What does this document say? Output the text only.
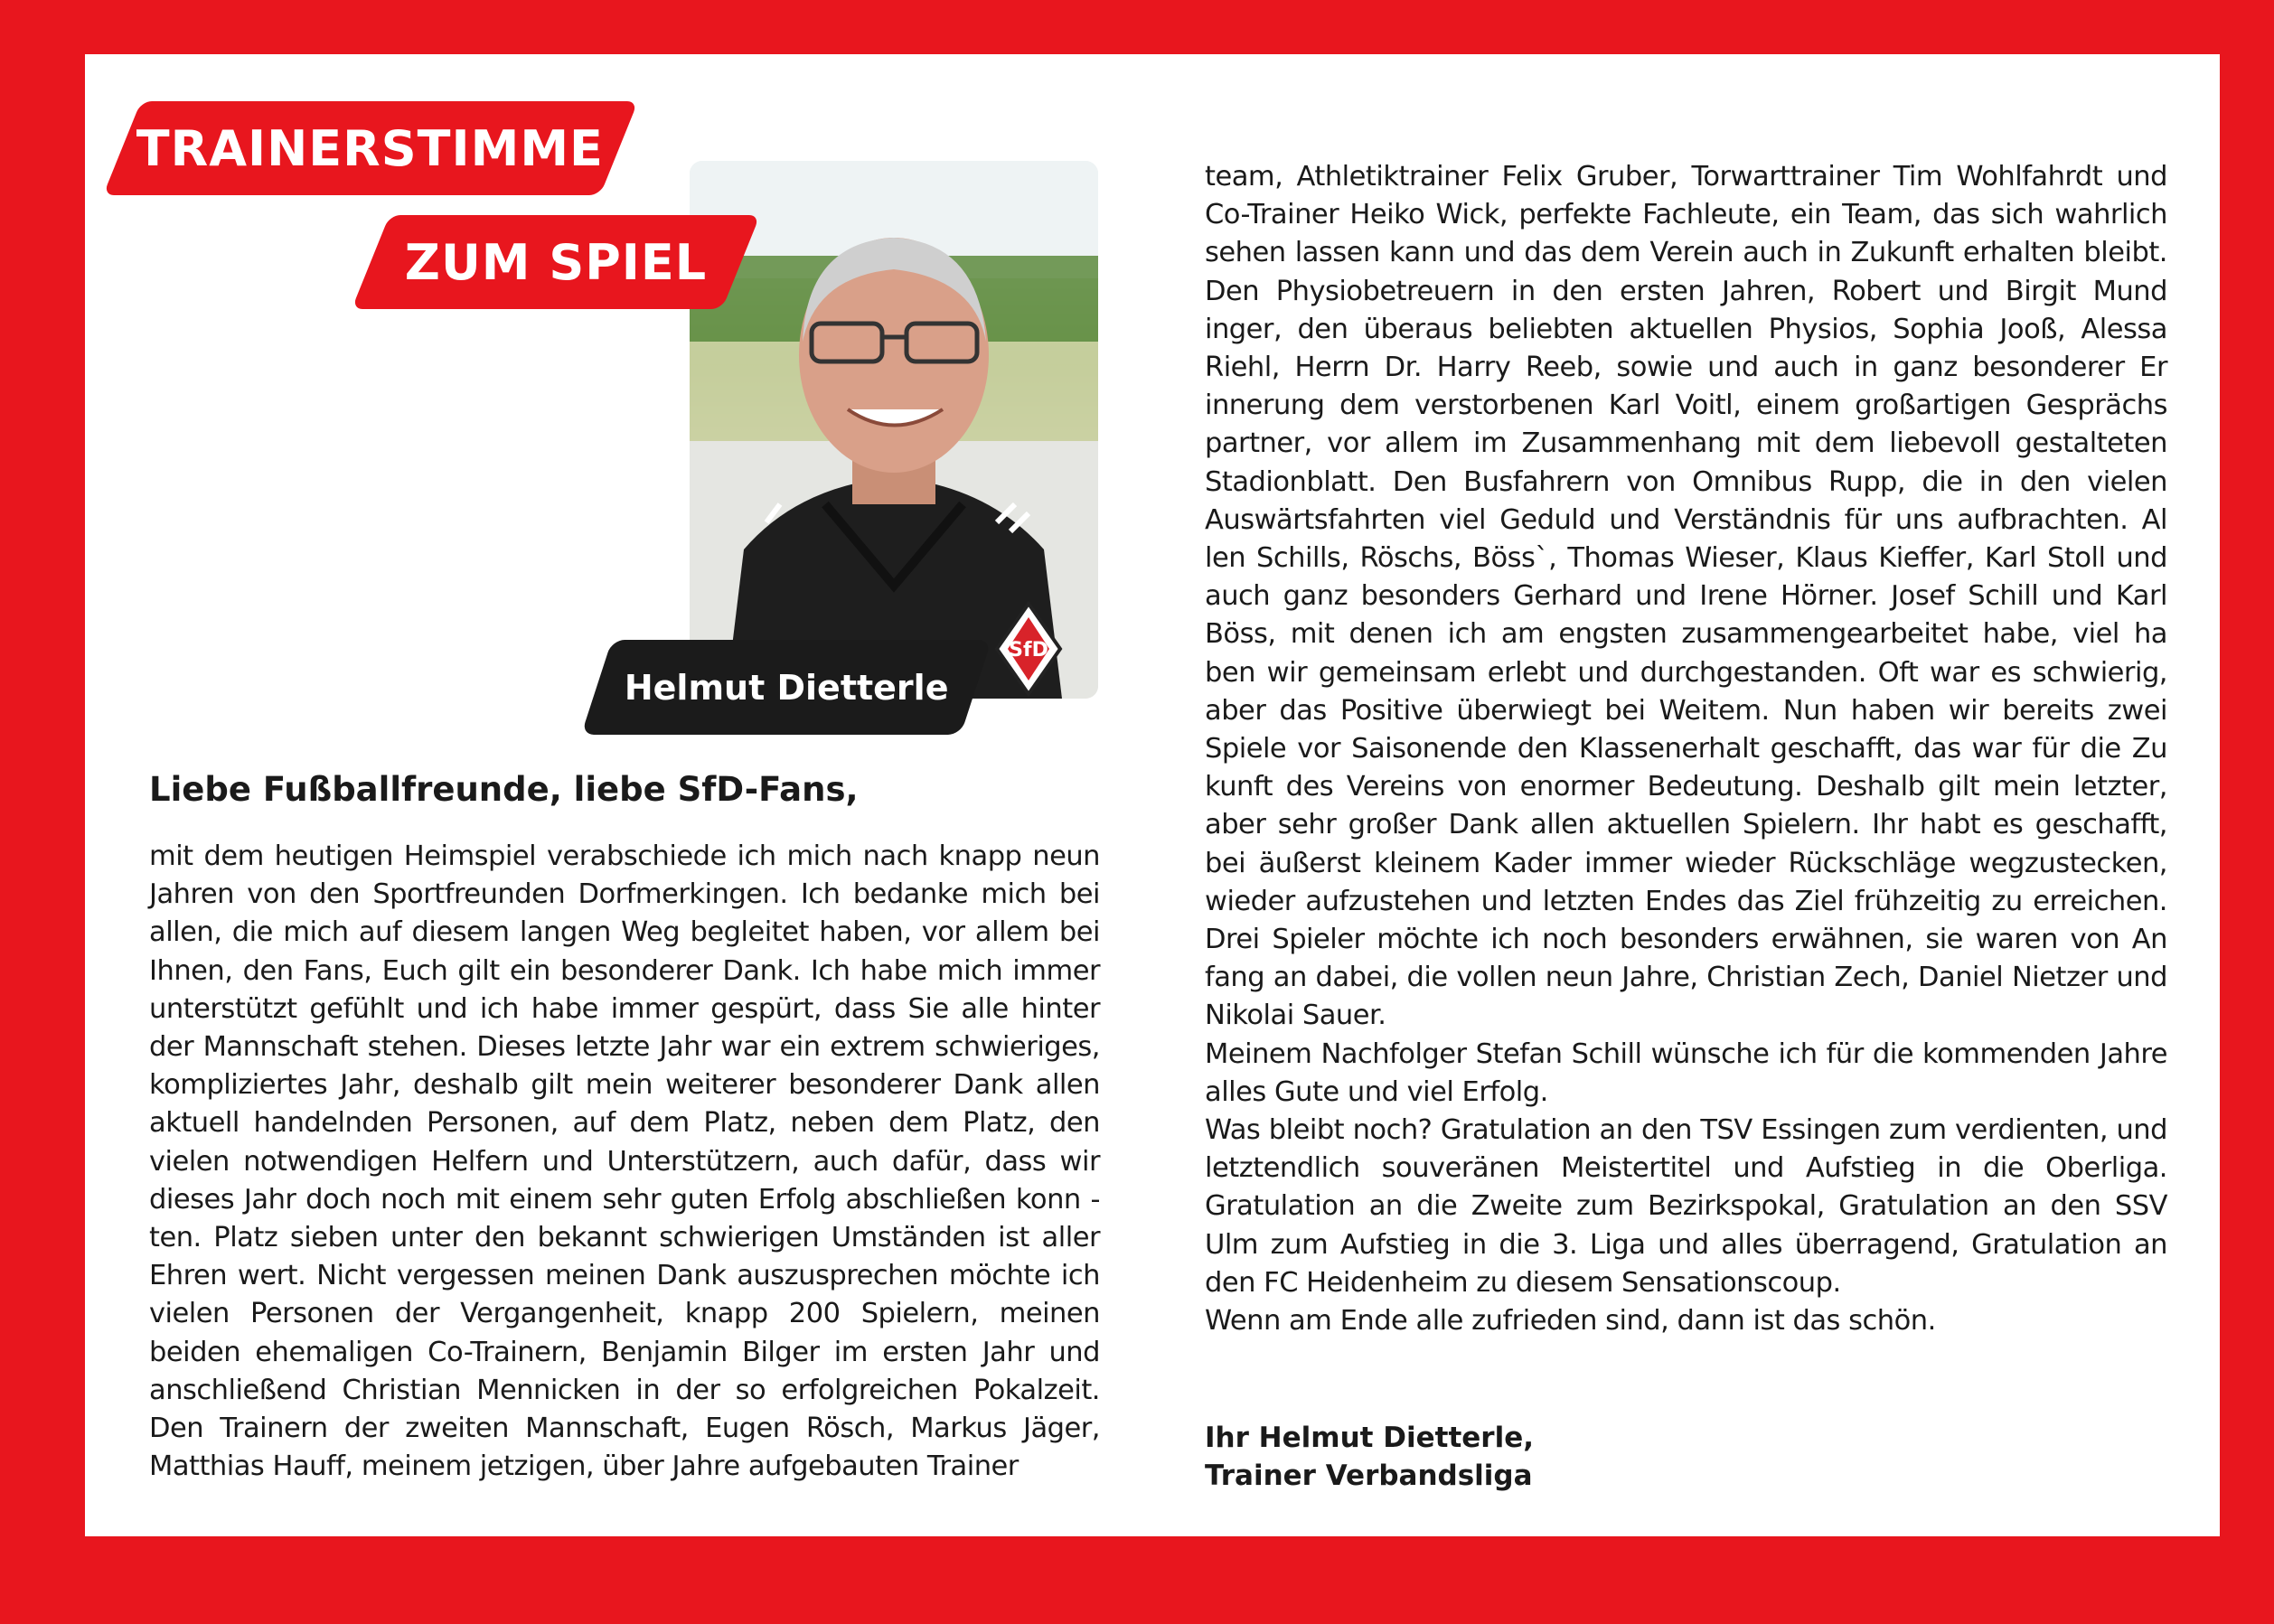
TRAINERSTIMME
SfD
ZUM SPIEL
Helmut Dietterle
Liebe Fußballfreunde, liebe SfD-Fans,

mit dem heutigen Heimspiel verabschiede ich mich nach knapp neun Jahren von den Sportfreunden Dorfmerkingen. Ich bedanke mich bei allen, die mich auf diesem langen Weg begleitet haben, vor allem bei Ihnen, den Fans, Euch gilt ein besonderer Dank. Ich habe mich immer unterstützt gefühlt und ich habe immer gespürt, dass Sie alle hinter der Mannschaft stehen. Dieses letzte Jahr war ein extrem schwieriges, kompliziertes Jahr, deshalb gilt mein weiterer besonderer Dank allen aktuell handelnden Personen, auf dem Platz, neben dem Platz, den vielen notwendigen Helfern und Unterstützern, auch dafür, dass wir dieses Jahr doch noch mit einem sehr guten Erfolg abschließen konn - ten. Platz sieben unter den bekannt schwierigen Umständen ist aller Ehren wert. Nicht vergessen meinen Dank auszusprechen möchte ich vielen Personen der Vergangenheit, knapp 200 Spielern, meinen beiden ehemaligen Co-Trainern, Benjamin Bilger im ersten Jahr und anschließend Christian Mennicken in der so erfolgreichen Pokalzeit. Den Trainern der zweiten Mannschaft, Eugen Rösch, Markus Jäger, Matthias Hauff, meinem jetzigen, über Jahre aufgebauten Trainer

team, Athletiktrainer Felix Gruber, Torwarttrainer Tim Wohlfahrdt und Co-Trainer Heiko Wick, perfekte Fachleute, ein Team, das sich wahrlich sehen lassen kann und das dem Verein auch in Zukunft erhalten bleibt. Den Physiobetreuern in den ersten Jahren, Robert und Birgit Mund inger, den überaus beliebten aktuellen Physios, Sophia Jooß, Alessa Riehl, Herrn Dr. Harry Reeb, sowie und auch in ganz besonderer Er innerung dem verstorbenen Karl Voitl, einem großartigen Gesprächs partner, vor allem im Zusammenhang mit dem liebevoll gestalteten Stadionblatt. Den Busfahrern von Omnibus Rupp, die in den vielen Auswärtsfahrten viel Geduld und Verständnis für uns aufbrachten. Al len Schills, Röschs, Böss`, Thomas Wieser, Klaus Kieffer, Karl Stoll und auch ganz besonders Gerhard und Irene Hörner. Josef Schill und Karl Böss, mit denen ich am engsten zusammengearbeitet habe, viel ha ben wir gemeinsam erlebt und durchgestanden. Oft war es schwierig, aber das Positive überwiegt bei Weitem. Nun haben wir bereits zwei Spiele vor Saisonende den Klassenerhalt geschafft, das war für die Zu kunft des Vereins von enormer Bedeutung. Deshalb gilt mein letzter, aber sehr großer Dank allen aktuellen Spielern. Ihr habt es geschafft, bei äußerst kleinem Kader immer wieder Rückschläge wegzustecken, wieder aufzustehen und letzten Endes das Ziel frühzeitig zu erreichen. Drei Spieler möchte ich noch besonders erwähnen, sie waren von An fang an dabei, die vollen neun Jahre, Christian Zech, Daniel Nietzer und Nikolai Sauer.

Meinem Nachfolger Stefan Schill wünsche ich für die kommenden Jahre alles Gute und viel Erfolg.

Was bleibt noch? Gratulation an den TSV Essingen zum verdienten, und letztendlich souveränen Meistertitel und Aufstieg in die Oberliga. Gratulation an die Zweite zum Bezirkspokal, Gratulation an den SSV Ulm zum Aufstieg in die 3. Liga und alles überragend, Gratulation an den FC Heidenheim zu diesem Sensationscoup.

Wenn am Ende alle zufrieden sind, dann ist das schön.

Ihr Helmut Dietterle,
Trainer Verbandsliga
